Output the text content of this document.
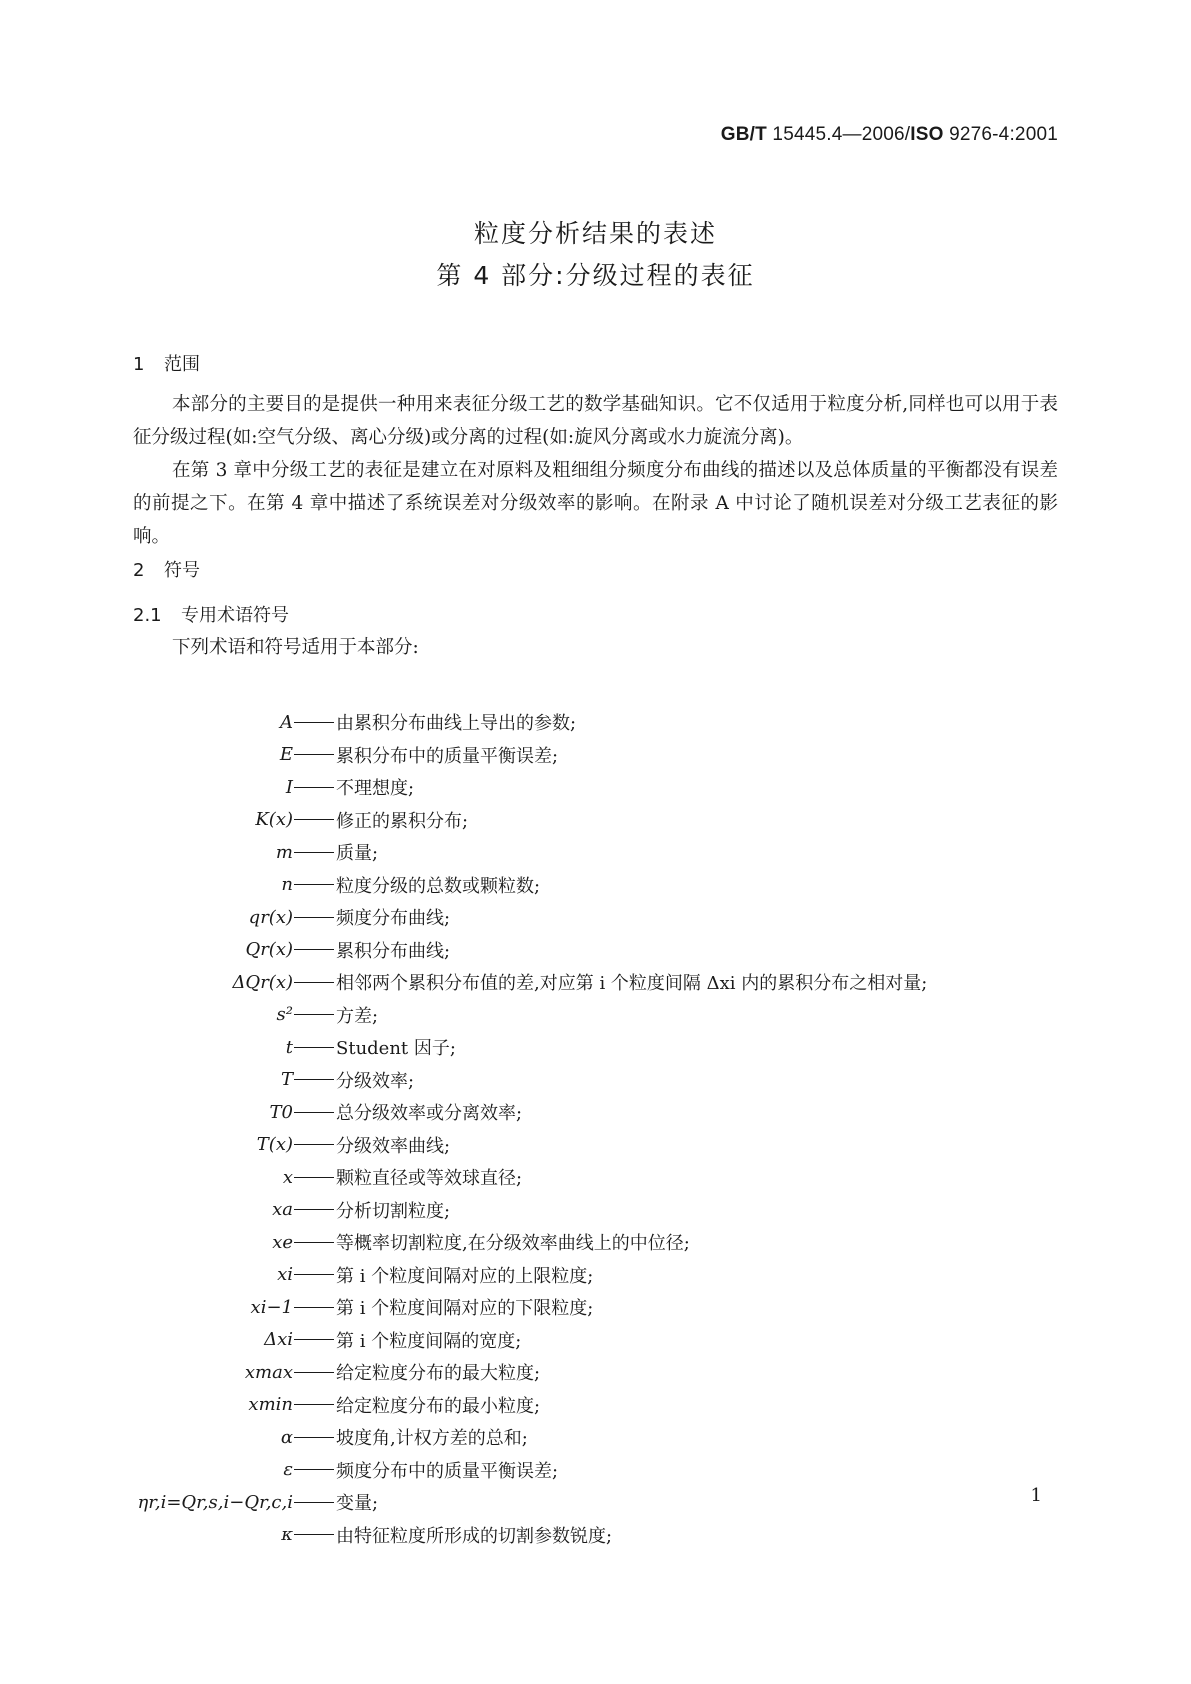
GB/T 15445.4—2006/ISO 9276-4:2001
粒度分析结果的表述
第 4 部分:分级过程的表征
1 范围
本部分的主要目的是提供一种用来表征分级工艺的数学基础知识。它不仅适用于粒度分析,同样也可以用于表征分级过程(如:空气分级、离心分级)或分离的过程(如:旋风分离或水力旋流分离)。
在第 3 章中分级工艺的表征是建立在对原料及粗细组分频度分布曲线的描述以及总体质量的平衡都没有误差的前提之下。在第 4 章中描述了系统误差对分级效率的影响。在附录 A 中讨论了随机误差对分级工艺表征的影响。
2 符号
2.1 专用术语符号
下列术语和符号适用于本部分:
A 由累积分布曲线上导出的参数;
E 累积分布中的质量平衡误差;
I 不理想度;
K(x) 修正的累积分布;
m 质量;
n 粒度分级的总数或颗粒数;
qr(x) 频度分布曲线;
Qr(x) 累积分布曲线;
ΔQr(x) 相邻两个累积分布值的差,对应第 i 个粒度间隔 Δxi 内的累积分布之相对量;
s² 方差;
t Student 因子;
T 分级效率;
T0 总分级效率或分离效率;
T(x) 分级效率曲线;
x 颗粒直径或等效球直径;
xa 分析切割粒度;
xe 等概率切割粒度,在分级效率曲线上的中位径;
xi 第 i 个粒度间隔对应的上限粒度;
xi−1 第 i 个粒度间隔对应的下限粒度;
Δxi 第 i 个粒度间隔的宽度;
xmax 给定粒度分布的最大粒度;
xmin 给定粒度分布的最小粒度;
α 坡度角,计权方差的总和;
ε 频度分布中的质量平衡误差;
ηr,i=Qr,s,i−Qr,c,i 变量;
κ 由特征粒度所形成的切割参数锐度;
1
